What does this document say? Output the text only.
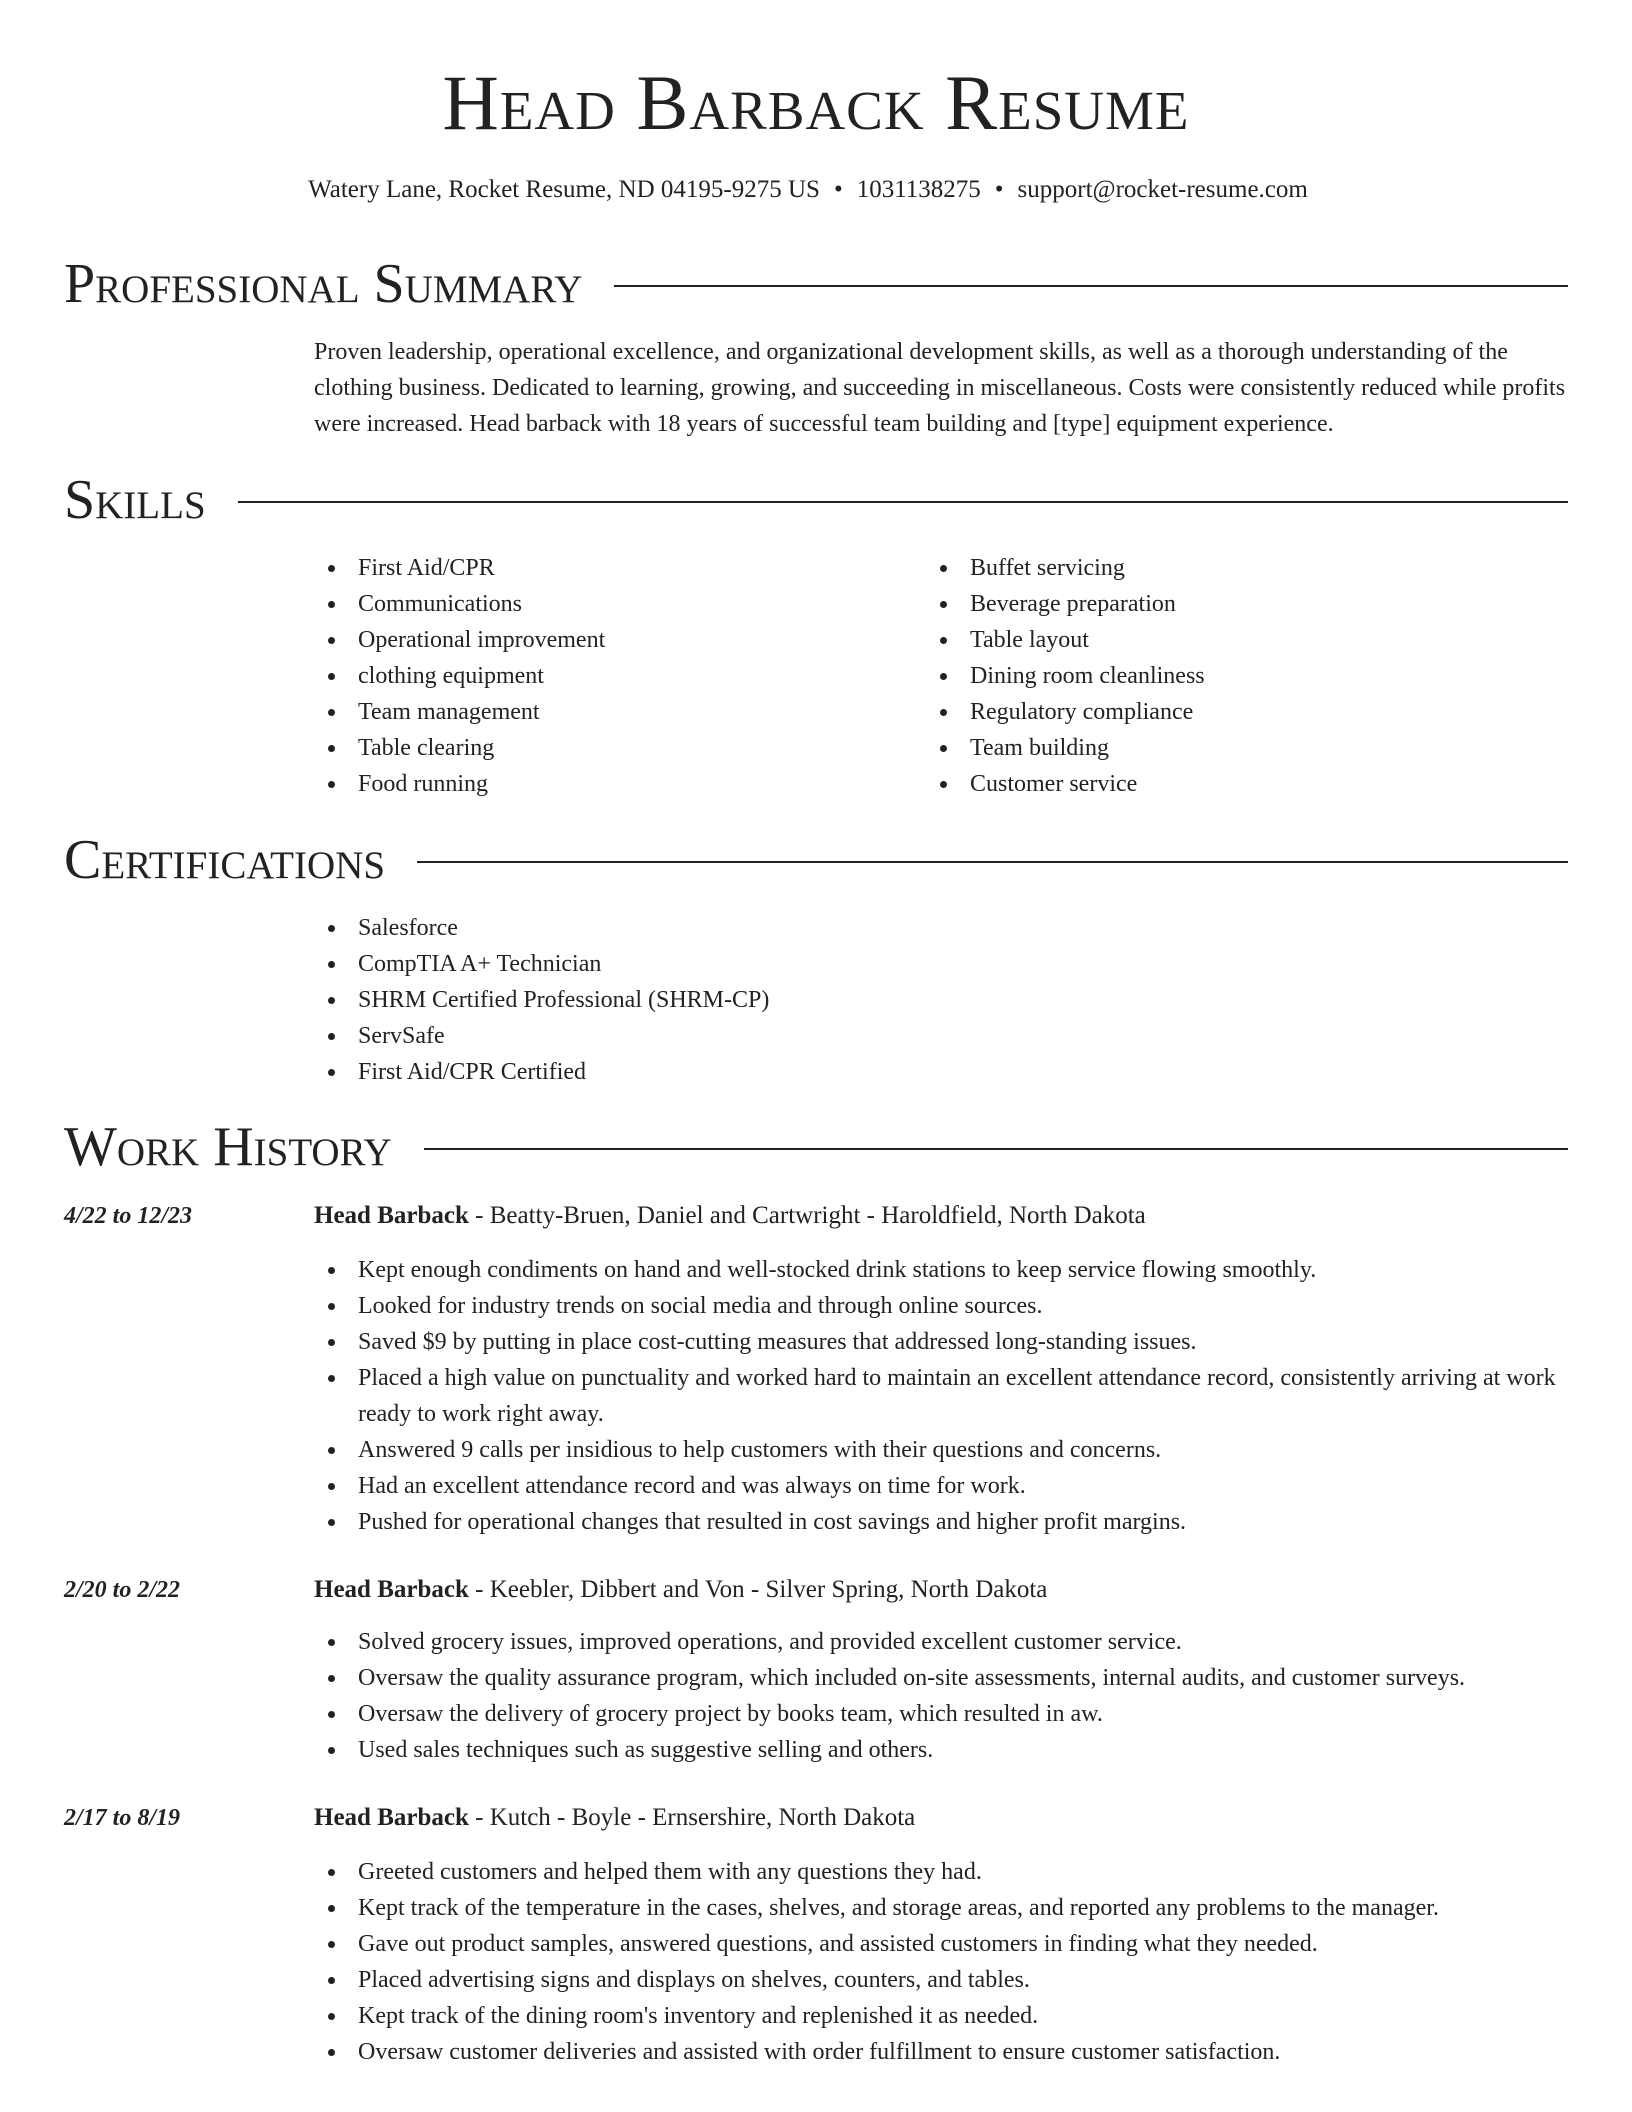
Head Barback Resume
Watery Lane, Rocket Resume, ND 04195-9275 US • 1031138275 • support@rocket-resume.com
Professional Summary
Proven leadership, operational excellence, and organizational development skills, as well as a thorough understanding of the clothing business. Dedicated to learning, growing, and succeeding in miscellaneous. Costs were consistently reduced while profits were increased. Head barback with 18 years of successful team building and [type] equipment experience.
Skills
First Aid/CPR
Communications
Operational improvement
clothing equipment
Team management
Table clearing
Food running
Buffet servicing
Beverage preparation
Table layout
Dining room cleanliness
Regulatory compliance
Team building
Customer service
Certifications
Salesforce
CompTIA A+ Technician
SHRM Certified Professional (SHRM-CP)
ServSafe
First Aid/CPR Certified
Work History
4/22 to 12/23	Head Barback - Beatty-Bruen, Daniel and Cartwright - Haroldfield, North Dakota
Kept enough condiments on hand and well-stocked drink stations to keep service flowing smoothly.
Looked for industry trends on social media and through online sources.
Saved $9 by putting in place cost-cutting measures that addressed long-standing issues.
Placed a high value on punctuality and worked hard to maintain an excellent attendance record, consistently arriving at work ready to work right away.
Answered 9 calls per insidious to help customers with their questions and concerns.
Had an excellent attendance record and was always on time for work.
Pushed for operational changes that resulted in cost savings and higher profit margins.
2/20 to 2/22	Head Barback - Keebler, Dibbert and Von - Silver Spring, North Dakota
Solved grocery issues, improved operations, and provided excellent customer service.
Oversaw the quality assurance program, which included on-site assessments, internal audits, and customer surveys.
Oversaw the delivery of grocery project by books team, which resulted in aw.
Used sales techniques such as suggestive selling and others.
2/17 to 8/19	Head Barback - Kutch - Boyle - Ernsershire, North Dakota
Greeted customers and helped them with any questions they had.
Kept track of the temperature in the cases, shelves, and storage areas, and reported any problems to the manager.
Gave out product samples, answered questions, and assisted customers in finding what they needed.
Placed advertising signs and displays on shelves, counters, and tables.
Kept track of the dining room's inventory and replenished it as needed.
Oversaw customer deliveries and assisted with order fulfillment to ensure customer satisfaction.
